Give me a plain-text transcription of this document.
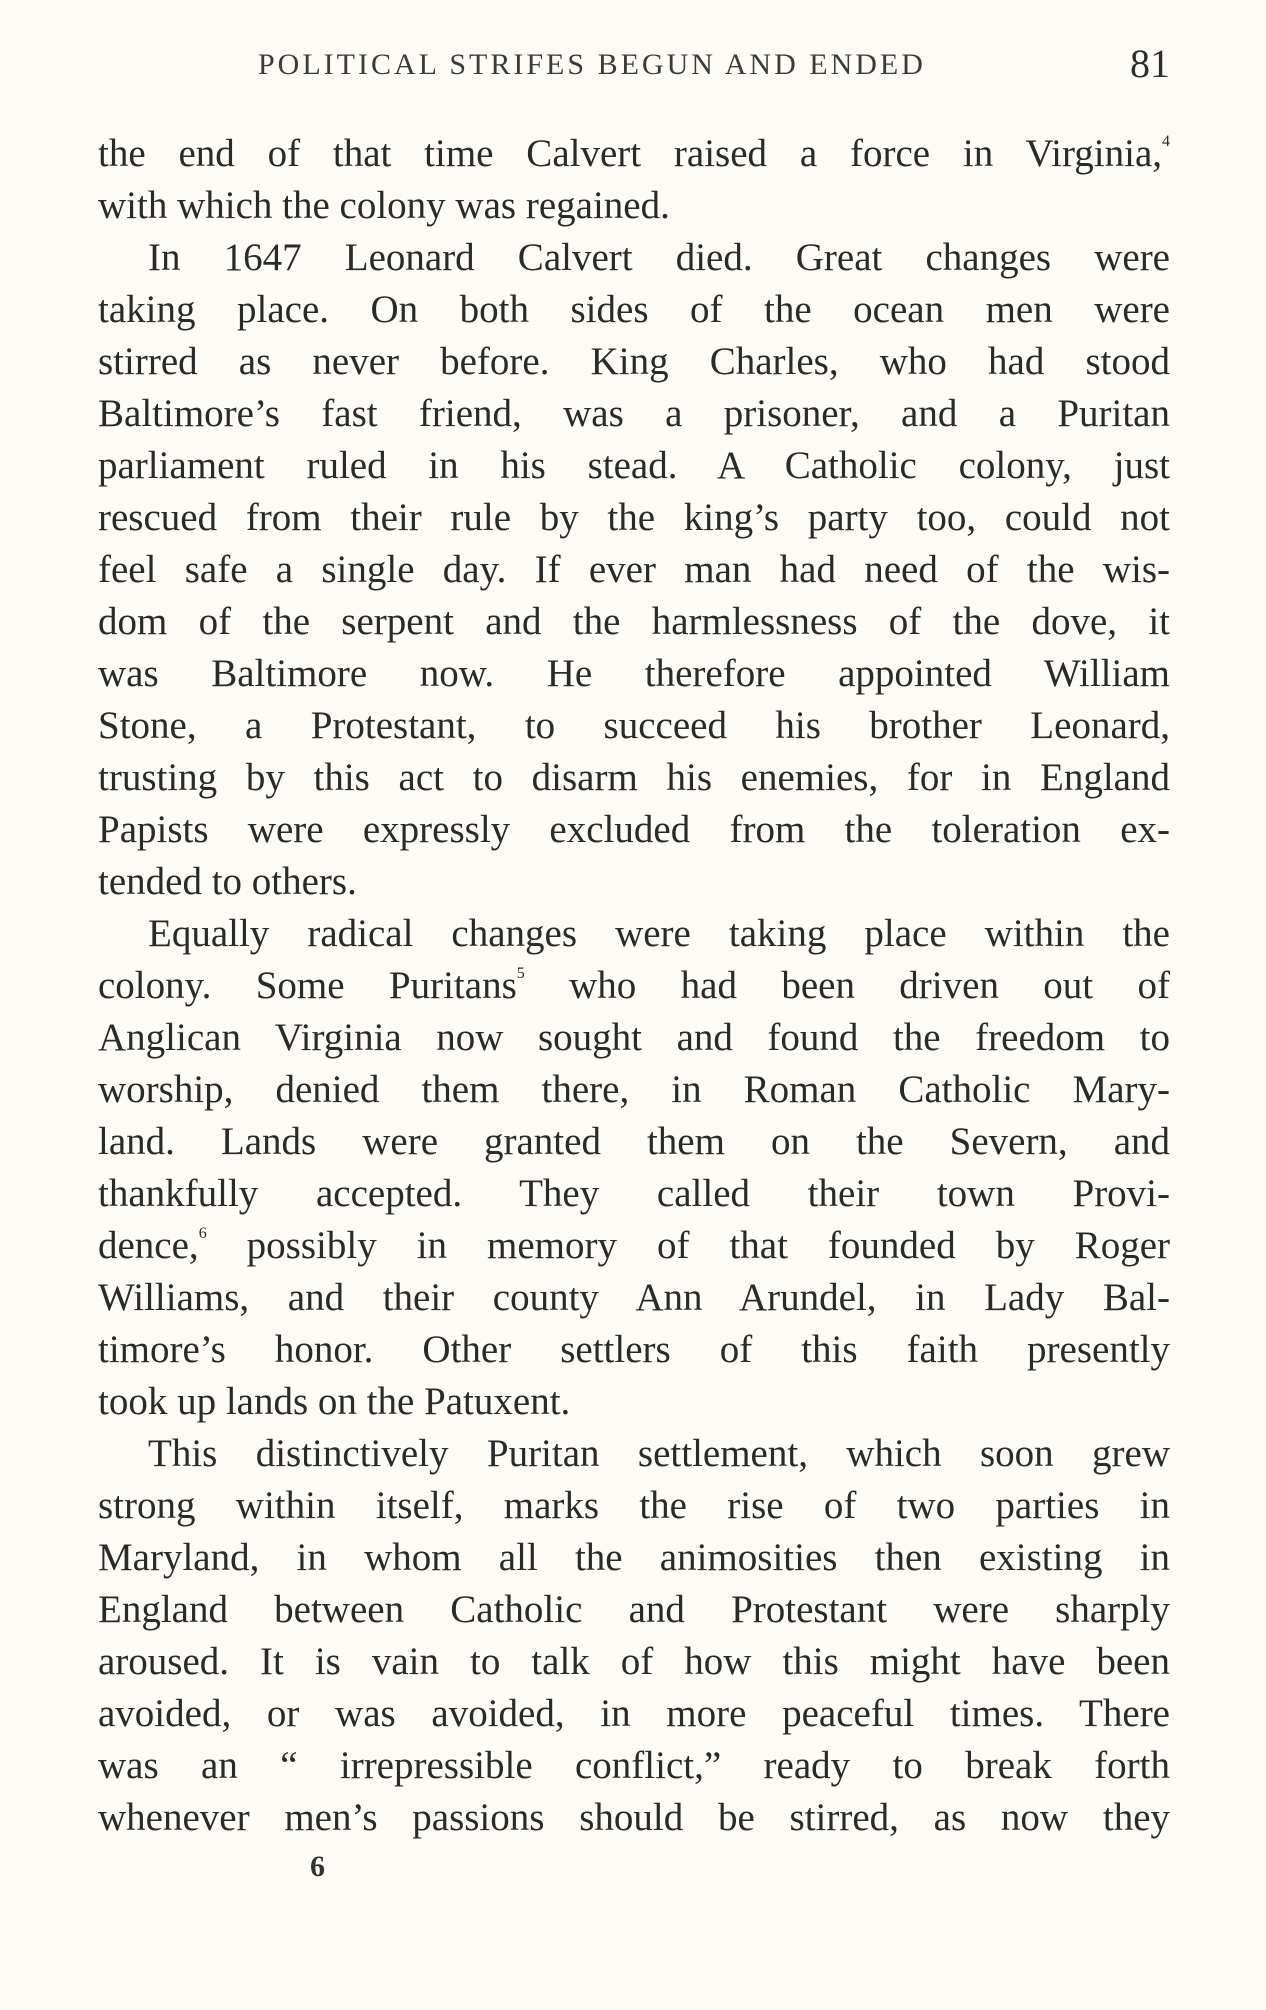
POLITICAL STRIFES BEGUN AND ENDED	81
the end of that time Calvert raised a force in Virginia,$^4$
with which the colony was regained.
In 1647 Leonard Calvert died. Great changes were
taking place. On both sides of the ocean men were
stirred as never before. King Charles, who had stood
Baltimore’s fast friend, was a prisoner, and a Puritan
parliament ruled in his stead. A Catholic colony, just
rescued from their rule by the king’s party too, could not
feel safe a single day. If ever man had need of the wis-
dom of the serpent and the harmlessness of the dove, it
was Baltimore now. He therefore appointed William
Stone, a Protestant, to succeed his brother Leonard,
trusting by this act to disarm his enemies, for in England
Papists were expressly excluded from the toleration ex-
tended to others.
Equally radical changes were taking place within the
colony. Some Puritans$^5$ who had been driven out of
Anglican Virginia now sought and found the freedom to
worship, denied them there, in Roman Catholic Mary-
land. Lands were granted them on the Severn, and
thankfully accepted. They called their town Provi-
dence,$^6$ possibly in memory of that founded by Roger
Williams, and their county Ann Arundel, in Lady Bal-
timore’s honor. Other settlers of this faith presently
took up lands on the Patuxent.
This distinctively Puritan settlement, which soon grew
strong within itself, marks the rise of two parties in
Maryland, in whom all the animosities then existing in
England between Catholic and Protestant were sharply
aroused. It is vain to talk of how this might have been
avoided, or was avoided, in more peaceful times. There
was an “ irrepressible conflict,” ready to break forth
whenever men’s passions should be stirred, as now they
6
